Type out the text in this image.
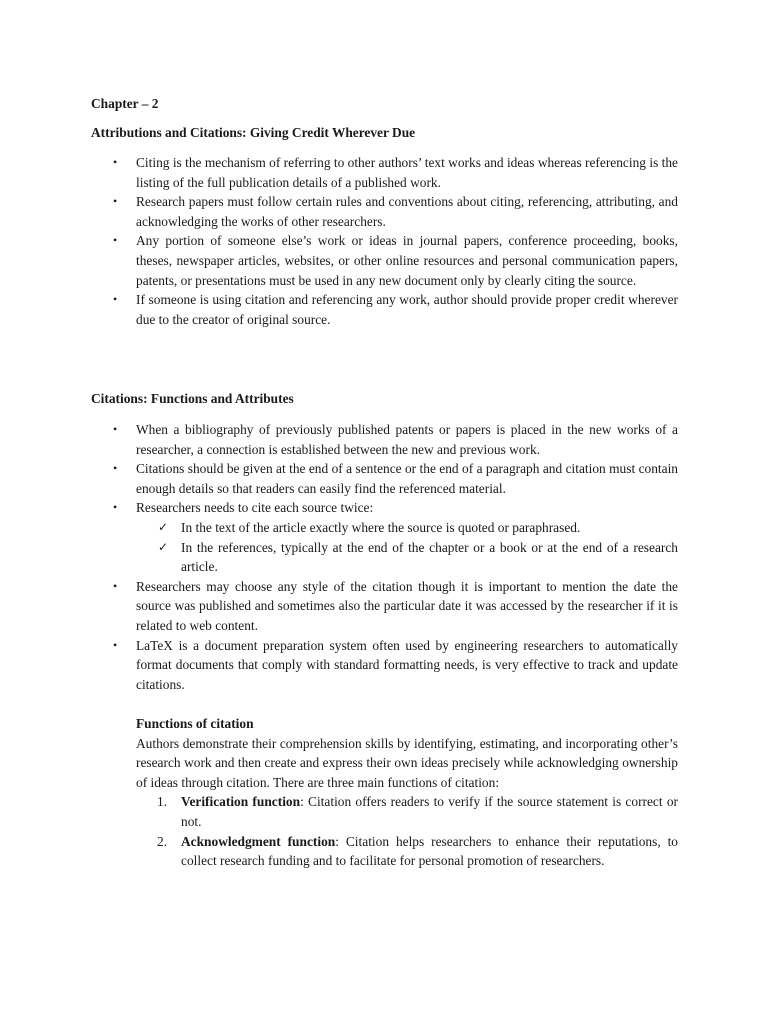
Chapter – 2
Attributions and Citations: Giving Credit Wherever Due
• Citing is the mechanism of referring to other authors’ text works and ideas whereas referencing is the listing of the full publication details of a published work.
• Research papers must follow certain rules and conventions about citing, referencing, attributing, and acknowledging the works of other researchers.
• Any portion of someone else’s work or ideas in journal papers, conference proceeding, books, theses, newspaper articles, websites, or other online resources and personal communication papers, patents, or presentations must be used in any new document only by clearly citing the source.
• If someone is using citation and referencing any work, author should provide proper credit wherever due to the creator of original source.
Citations: Functions and Attributes
• When a bibliography of previously published patents or papers is placed in the new works of a researcher, a connection is established between the new and previous work.
• Citations should be given at the end of a sentence or the end of a paragraph and citation must contain enough details so that readers can easily find the referenced material.
• Researchers needs to cite each source twice:
✓ In the text of the article exactly where the source is quoted or paraphrased.
✓ In the references, typically at the end of the chapter or a book or at the end of a research article.
• Researchers may choose any style of the citation though it is important to mention the date the source was published and sometimes also the particular date it was accessed by the researcher if it is related to web content.
• LaTeX is a document preparation system often used by engineering researchers to automatically format documents that comply with standard formatting needs, is very effective to track and update citations.
Functions of citation

Authors demonstrate their comprehension skills by identifying, estimating, and incorporating other’s research work and then create and express their own ideas precisely while acknowledging ownership of ideas through citation. There are three main functions of citation:

1. Verification function: Citation offers readers to verify if the source statement is correct or not.
2. Acknowledgment function: Citation helps researchers to enhance their reputations, to collect research funding and to facilitate for personal promotion of researchers.
